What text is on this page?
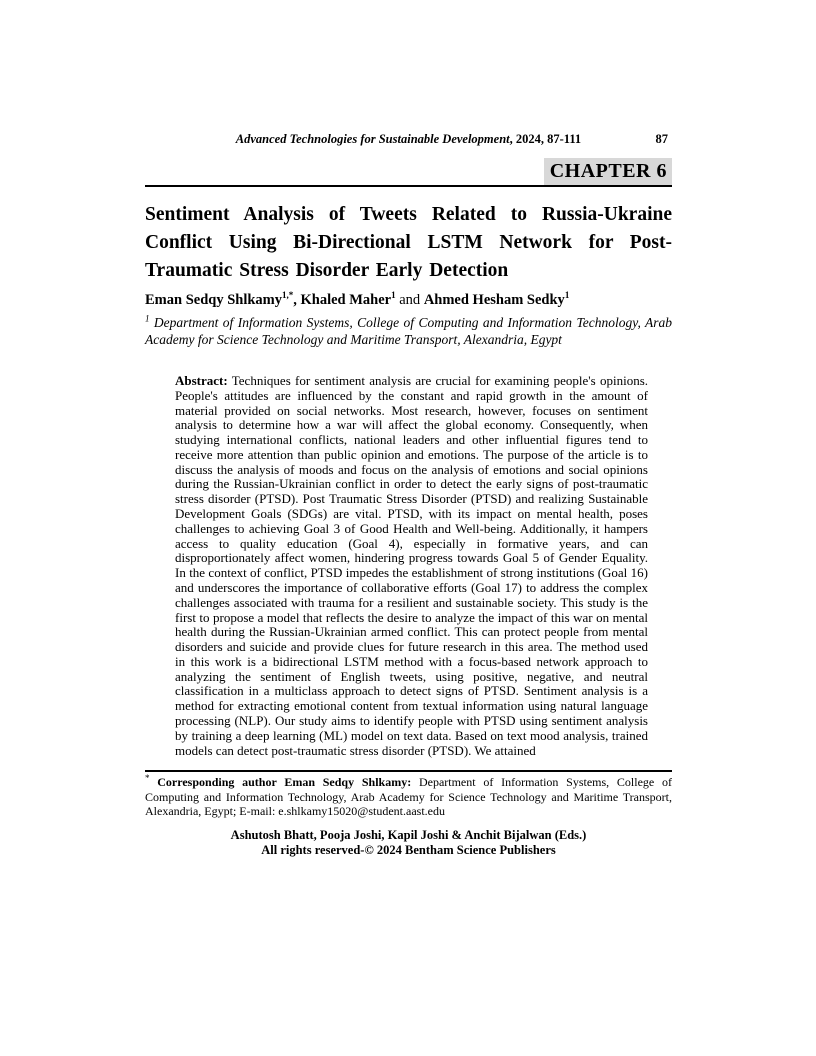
Advanced Technologies for Sustainable Development, 2024, 87-111	87
CHAPTER 6
Sentiment Analysis of Tweets Related to Russia-Ukraine Conflict Using Bi-Directional LSTM Network for Post-Traumatic Stress Disorder Early Detection
Eman Sedqy Shlkamy$^{1,*}$, Khaled Maher$^1$ and Ahmed Hesham Sedky$^1$
$^1$ Department of Information Systems, College of Computing and Information Technology, Arab Academy for Science Technology and Maritime Transport, Alexandria, Egypt

Abstract: Techniques for sentiment analysis are crucial for examining people's opinions. People's attitudes are influenced by the constant and rapid growth in the amount of material provided on social networks. Most research, however, focuses on sentiment analysis to determine how a war will affect the global economy. Consequently, when studying international conflicts, national leaders and other influential figures tend to receive more attention than public opinion and emotions. The purpose of the article is to discuss the analysis of moods and focus on the analysis of emotions and social opinions during the Russian-Ukrainian conflict in order to detect the early signs of post-traumatic stress disorder (PTSD). Post Traumatic Stress Disorder (PTSD) and realizing Sustainable Development Goals (SDGs) are vital. PTSD, with its impact on mental health, poses challenges to achieving Goal 3 of Good Health and Well-being. Additionally, it hampers access to quality education (Goal 4), especially in formative years, and can disproportionately affect women, hindering progress towards Goal 5 of Gender Equality. In the context of conflict, PTSD impedes the establishment of strong institutions (Goal 16) and underscores the importance of collaborative efforts (Goal 17) to address the complex challenges associated with trauma for a resilient and sustainable society. This study is the first to propose a model that reflects the desire to analyze the impact of this war on mental health during the Russian-Ukrainian armed conflict. This can protect people from mental disorders and suicide and provide clues for future research in this area. The method used in this work is a bidirectional LSTM method with a focus-based network approach to analyzing the sentiment of English tweets, using positive, negative, and neutral classification in a multiclass approach to detect signs of PTSD. Sentiment analysis is a method for extracting emotional content from textual information using natural language processing (NLP). Our study aims to identify people with PTSD using sentiment analysis by training a deep learning (ML) model on text data. Based on text mood analysis, trained models can detect post-traumatic stress disorder (PTSD). We attained

* Corresponding author Eman Sedqy Shlkamy: Department of Information Systems, College of Computing and Information Technology, Arab Academy for Science Technology and Maritime Transport, Alexandria, Egypt; E-mail: e.shlkamy15020@student.aast.edu
Ashutosh Bhatt, Pooja Joshi, Kapil Joshi & Anchit Bijalwan (Eds.)
All rights reserved-© 2024 Bentham Science Publishers
